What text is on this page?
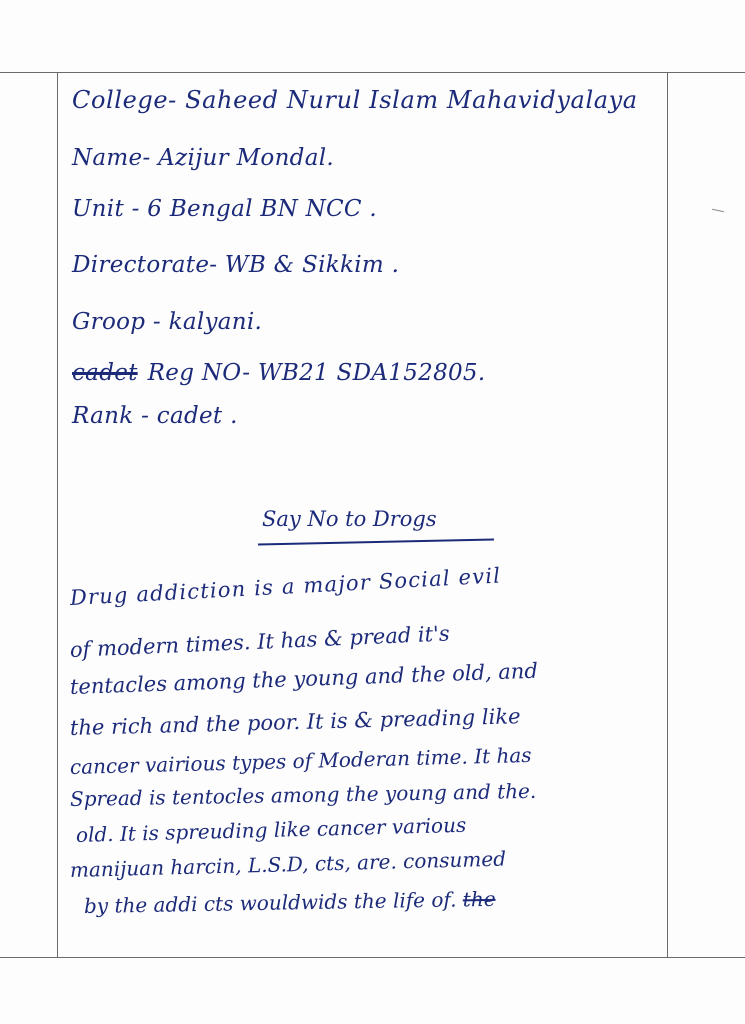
College- Saheed Nurul Islam Mahavidyalaya
Name- Azijur Mondal.
Unit - 6 Bengal BN NCC .
Directorate- WB & Sikkim .
Groop - kalyani.
cadet Reg NO- WB21 SDA152805.
Rank - cadet .
Say No to Drogs
Drug addiction is a major Social evil
of modern times. It has & pread it's
tentacles among the young and the old, and
the rich and the poor. It is & preading like
cancer vairious types of Moderan time. It has
Spread is tentocles among the young and the.
old. It is spreuding like cancer various
manijuan harcin, L.S.D, cts, are. consumed
by the addi cts wouldwids the life of. the
